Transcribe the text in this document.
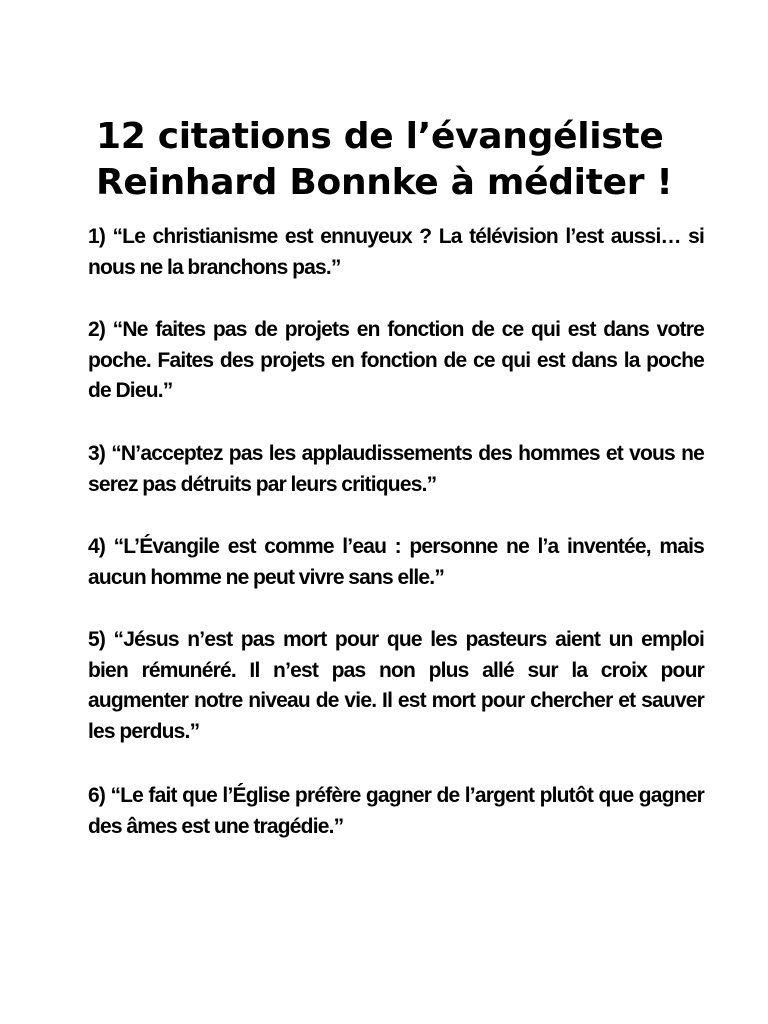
12 citations de l’évangéliste
Reinhard Bonnke à méditer !

1) “Le christianisme est ennuyeux ? La télévision l’est aussi… si nous ne la branchons pas.”

2) “Ne faites pas de projets en fonction de ce qui est dans votre poche. Faites des projets en fonction de ce qui est dans la poche de Dieu.”

3) “N’acceptez pas les applaudissements des hommes et vous ne serez pas détruits par leurs critiques.”

4) “L’Évangile est comme l’eau : personne ne l’a inventée, mais aucun homme ne peut vivre sans elle.”

5) “Jésus n’est pas mort pour que les pasteurs aient un emploi bien rémunéré. Il n’est pas non plus allé sur la croix pour augmenter notre niveau de vie. Il est mort pour chercher et sauver les perdus.”

6) “Le fait que l’Église préfère gagner de l’argent plutôt que gagner des âmes est une tragédie.”
